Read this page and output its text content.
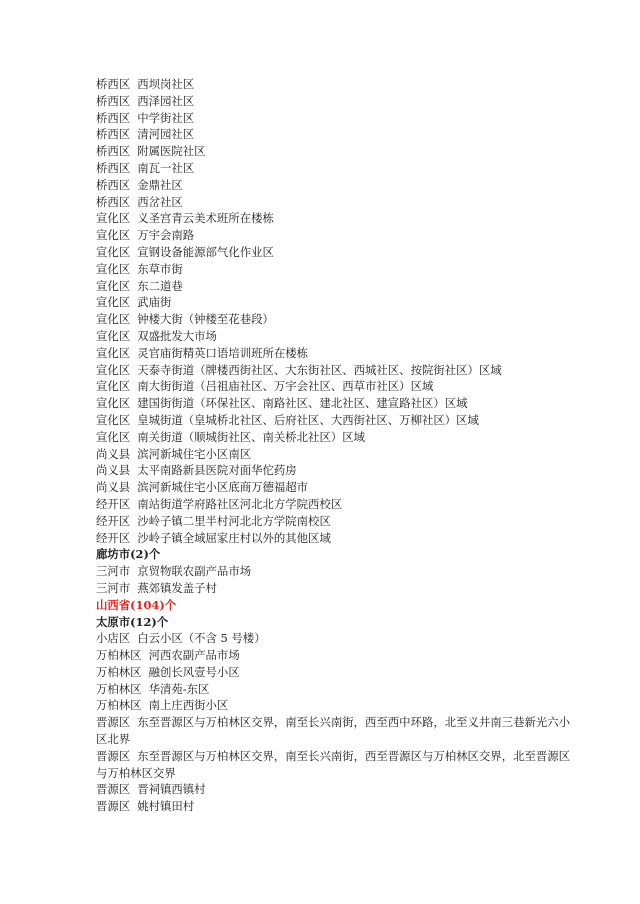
桥西区 西坝岗社区
桥西区 西泽园社区
桥西区 中学街社区
桥西区 清河园社区
桥西区 附属医院社区
桥西区 南瓦一社区
桥西区 金鼎社区
桥西区 西岔社区
宣化区 义圣宫青云美术班所在楼栋
宣化区 万宇会南路
宣化区 宣钢设备能源部气化作业区
宣化区 东草市街
宣化区 东二道巷
宣化区 武庙街
宣化区 钟楼大街（钟楼至花巷段）
宣化区 双盛批发大市场
宣化区 灵官庙街精英口语培训班所在楼栋
宣化区 天泰寺街道（牌楼西街社区、大东街社区、西城社区、按院街社区）区域
宣化区 南大街街道（吕祖庙社区、万宇会社区、西草市社区）区域
宣化区 建国街街道（环保社区、南路社区、建北社区、建宣路社区）区域
宣化区 皇城街道（皇城桥北社区、后府社区、大西街社区、万柳社区）区域
宣化区 南关街道（顺城街社区、南关桥北社区）区域
尚义县 滨河新城住宅小区南区
尚义县 太平南路新县医院对面华佗药房
尚义县 滨河新城住宅小区底商万德福超市
经开区 南站街道学府路社区河北北方学院西校区
经开区 沙岭子镇二里半村河北北方学院南校区
经开区 沙岭子镇全域屈家庄村以外的其他区域
廊坊市(2)个
三河市 京贸物联农副产品市场
三河市 燕郊镇发盖子村
山西省(104)个
太原市(12)个
小店区 白云小区（不含 5 号楼）
万柏林区 河西农副产品市场
万柏林区 融创长风壹号小区
万柏林区 华清苑-东区
万柏林区 南上庄西街小区
晋源区 东至晋源区与万柏林区交界，南至长兴南街，西至西中环路，北至义井南三巷新光六小区北界
晋源区 东至晋源区与万柏林区交界，南至长兴南街，西至晋源区与万柏林区交界，北至晋源区与万柏林区交界
晋源区 晋祠镇西镇村
晋源区 姚村镇田村
